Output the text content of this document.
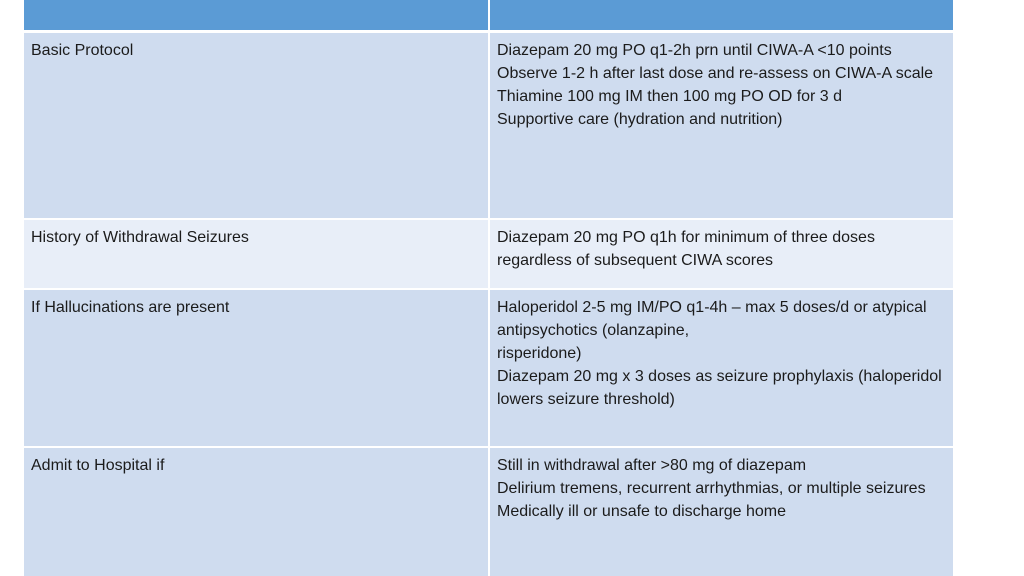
Basic Protocol	Diazepam 20 mg PO q1-2h prn until CIWA-A <10 points
Observe 1-2 h after last dose and re-assess on CIWA-A scale
Thiamine 100 mg IM then 100 mg PO OD for 3 d
Supportive care (hydration and nutrition)

History of Withdrawal Seizures	Diazepam 20 mg PO q1h for minimum of three doses regardless of subsequent CIWA scores

If Hallucinations are present	Haloperidol 2-5 mg IM/PO q1-4h – max 5 doses/d or atypical antipsychotics (olanzapine,
risperidone)
Diazepam 20 mg x 3 doses as seizure prophylaxis (haloperidol lowers seizure threshold)

Admit to Hospital if	Still in withdrawal after >80 mg of diazepam
Delirium tremens, recurrent arrhythmias, or multiple seizures
Medically ill or unsafe to discharge home
